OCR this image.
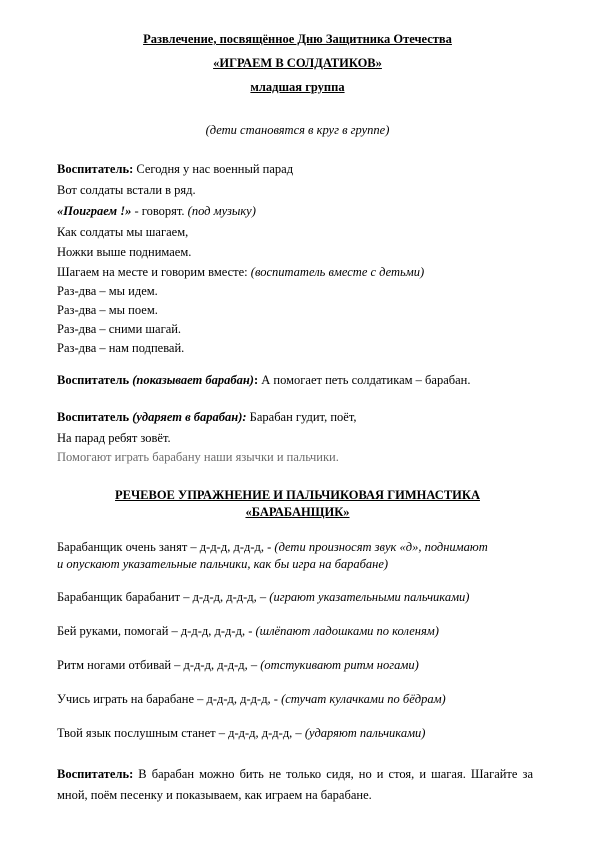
Развлечение, посвящённое Дню Защитника Отечества
«ИГРАЕМ В СОЛДАТИКОВ»
младшая группа
(дети становятся в круг в группе)
Воспитатель: Сегодня у нас военный парад
Вот солдаты встали в ряд.
«Поиграем !» - говорят. (под музыку)
Как солдаты мы шагаем,
Ножки выше поднимаем.
Шагаем на месте и говорим вместе: (воспитатель вместе с детьми)
Раз-два – мы идем.
Раз-два – мы поем.
Раз-два – сними шагай.
Раз-два – нам подпевай.
Воспитатель (показывает барабан): А помогает петь солдатикам – барабан.
Воспитатель (ударяет в барабан): Барабан гудит, поёт,
На парад ребят зовёт.
Помогают играть барабану наши язычки и пальчики.
РЕЧЕВОЕ УПРАЖНЕНИЕ И ПАЛЬЧИКОВАЯ ГИМНАСТИКА
«БАРАБАНЩИК»
Барабанщик очень занят – д-д-д, д-д-д, - (дети произносят звук «д», поднимают
и опускают указательные пальчики, как бы игра на барабане)
Барабанщик барабанит – д-д-д, д-д-д, – (играют указательными пальчиками)
Бей руками, помогай – д-д-д, д-д-д, - (шлёпают ладошками по коленям)
Ритм ногами отбивай – д-д-д, д-д-д, – (отстукивают ритм ногами)
Учись играть на барабане – д-д-д, д-д-д, - (стучат кулачками по бёдрам)
Твой язык послушным станет – д-д-д, д-д-д, – (ударяют пальчиками)
Воспитатель: В барабан можно бить не только сидя, но и стоя, и шагая. Шагайте за мной, поём песенку и показываем, как играем на барабане.
